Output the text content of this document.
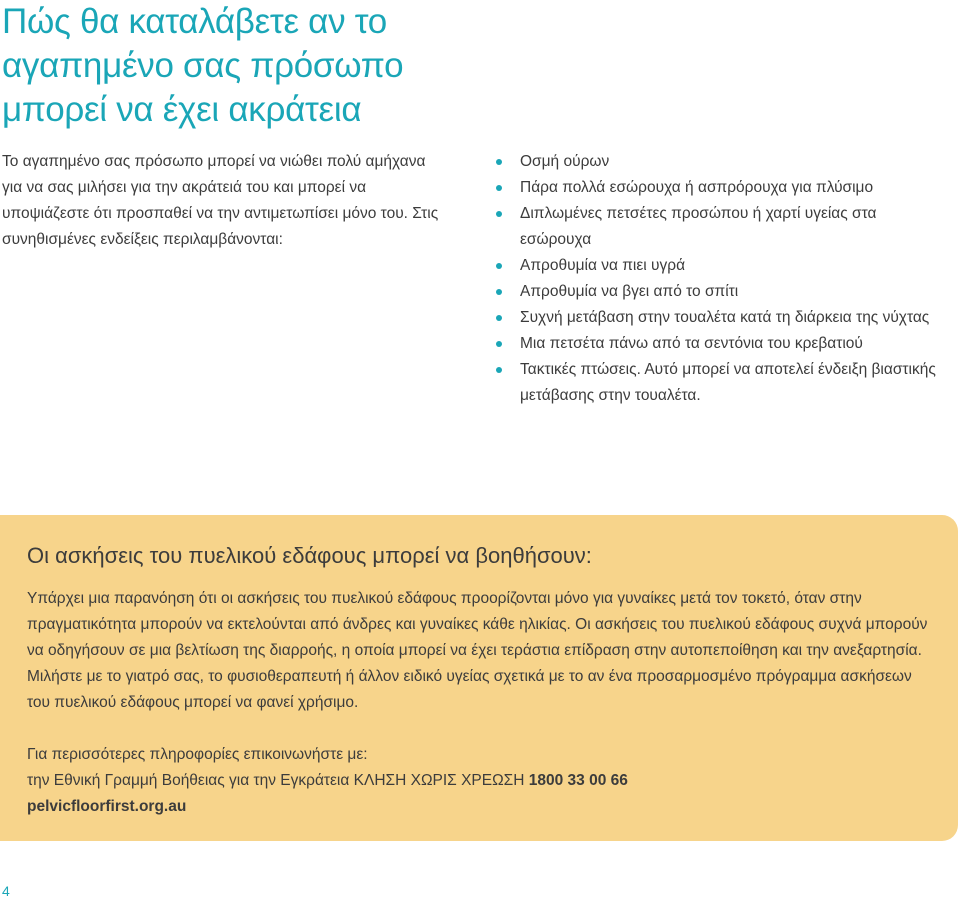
Πώς θα καταλάβετε αν το
αγαπημένο σας πρόσωπο
μπορεί να έχει ακράτεια

Το αγαπημένο σας πρόσωπο μπορεί να νιώθει πολύ αμήχανα για να σας μιλήσει για την ακράτειά του και μπορεί να υποψιάζεστε ότι προσπαθεί να την αντιμετωπίσει μόνο του. Στις συνηθισμένες ενδείξεις περιλαμβάνονται:

Οσμή ούρων
Πάρα πολλά εσώρουχα ή ασπρόρουχα για πλύσιμο
Διπλωμένες πετσέτες προσώπου ή χαρτί υγείας στα εσώρουχα
Απροθυμία να πιει υγρά
Απροθυμία να βγει από το σπίτι
Συχνή μετάβαση στην τουαλέτα κατά τη διάρκεια της νύχτας
Μια πετσέτα πάνω από τα σεντόνια του κρεβατιού
Τακτικές πτώσεις. Αυτό μπορεί να αποτελεί ένδειξη βιαστικής μετάβασης στην τουαλέτα.
Οι ασκήσεις του πυελικού εδάφους μπορεί να βοηθήσουν:

Υπάρχει μια παρανόηση ότι οι ασκήσεις του πυελικού εδάφους προορίζονται μόνο για γυναίκες μετά τον τοκετό, όταν στην πραγματικότητα μπορούν να εκτελούνται από άνδρες και γυναίκες κάθε ηλικίας. Οι ασκήσεις του πυελικού εδάφους συχνά μπορούν να οδηγήσουν σε μια βελτίωση της διαρροής, η οποία μπορεί να έχει τεράστια επίδραση στην αυτοπεποίθηση και την ανεξαρτησία. Μιλήστε με το γιατρό σας, το φυσιοθεραπευτή ή άλλον ειδικό υγείας σχετικά με το αν ένα προσαρμοσμένο πρόγραμμα ασκήσεων του πυελικού εδάφους μπορεί να φανεί χρήσιμο.

Για περισσότερες πληροφορίες επικοινωνήστε με:
την Εθνική Γραμμή Βοήθειας για την Εγκράτεια ΚΛΗΣΗ ΧΩΡΙΣ ΧΡΕΩΣΗ 1800 33 00 66
pelvicfloorfirst.org.au
4
